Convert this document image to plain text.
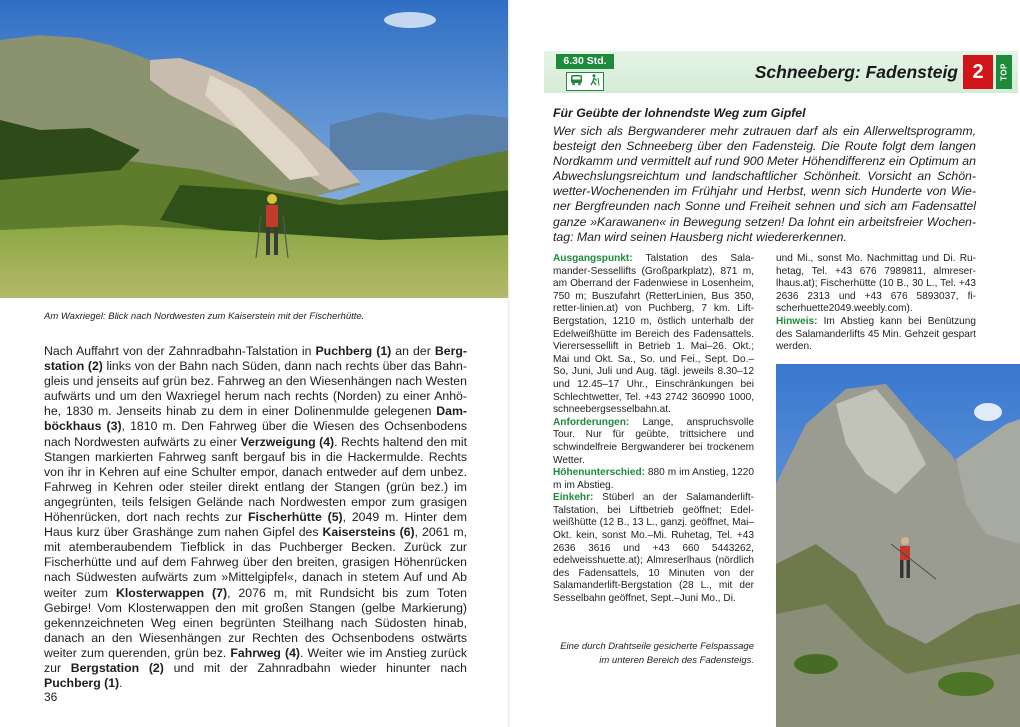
Am Waxriegel: Blick nach Nordwesten zum Kaiserstein mit der Fischerhütte.
Nach Auffahrt von der Zahnradbahn-Talstation in Puchberg (1) an der Bergstation (2) links von der Bahn nach Süden, dann nach rechts über das Bahngleis und jenseits auf grün bez. Fahrweg an den Wiesenhängen nach Westen aufwärts und um den Waxriegel herum nach rechts (Norden) zu einer Anhöhe, 1830 m. Jenseits hinab zu dem in einer Dolinenmulde gelegenen Damböckhaus (3), 1810 m. Den Fahrweg über die Wiesen des Ochsenbodens nach Nordwesten aufwärts zu einer Verzweigung (4). Rechts haltend den mit Stangen markierten Fahrweg sanft bergauf bis in die Hackermulde. Rechts von ihr in Kehren auf eine Schulter empor, danach entweder auf dem unbez. Fahrweg in Kehren oder steiler direkt entlang der Stangen (grün bez.) im angegrünten, teils felsigen Gelände nach Nordwesten empor zum grasigen Höhenrücken, dort nach rechts zur Fischerhütte (5), 2049 m. Hinter dem Haus kurz über Grashänge zum nahen Gipfel des Kaisersteins (6), 2061 m, mit atemberaubendem Tiefblick in das Puchberger Becken. Zurück zur Fischerhütte und auf dem Fahrweg über den breiten, grasigen Höhenrücken nach Südwesten aufwärts zum »Mittelgipfel«, danach in stetem Auf und Ab weiter zum Klosterwappen (7), 2076 m, mit Rundsicht bis zum Toten Gebirge! Vom Klosterwappen den mit großen Stangen (gelbe Markierung) gekennzeichneten Weg einen begrünten Steilhang nach Südosten hinab, danach an den Wiesenhängen zur Rechten des Ochsenbodens ostwärts weiter zum querenden, grün bez. Fahrweg (4). Weiter wie im Anstieg zurück zur Bergstation (2) und mit der Zahnradbahn wieder hinunter nach Puchberg (1).
36
6.30 Std.
Schneeberg: Fadensteig 2	TOP
Für Geübte der lohnendste Weg zum Gipfel
Wer sich als Bergwanderer mehr zutrauen darf als ein Allerweltsprogramm, besteigt den Schneeberg über den Fadensteig. Die Route folgt dem langen Nordkamm und vermittelt auf rund 900 Meter Höhendifferenz ein Optimum an Abwechslungsreichtum und landschaftlicher Schönheit. Vorsicht an Schönwetter-Wochenenden im Frühjahr und Herbst, wenn sich Hunderte von Wiener Bergfreunden nach Sonne und Freiheit sehnen und sich am Fadensattel ganze »Karawanen« in Bewegung setzen! Da lohnt ein arbeitsfreier Wochentag: Man wird seinen Hausberg nicht wiedererkennen.
Ausgangspunkt: Talstation des Salamander-Sessellifts (Großparkplatz), 871 m, am Oberrand der Fadenwiese in Losenheim, 750 m; Buszufahrt (RetterLinien, Bus 350, retter-linien.at) von Puchberg, 7 km. Lift-Bergstation, 1210 m, östlich unterhalb der Edelweißhütte im Bereich des Fadensattels. Vierersessellift in Betrieb 1. Mai–26. Okt.; Mai und Okt. Sa., So. und Fei., Sept. Do.–So, Juni, Juli und Aug. tägl. jeweils 8.30–12 und 12.45–17 Uhr., Einschränkungen bei Schlechtwetter, Tel. +43 2742 360990 1000, schneebergsesselbahn.at.
Anforderungen: Lange, anspruchsvolle Tour. Nur für geübte, trittsichere und schwindelfreie Bergwanderer bei trockenem Wetter.
Höhenunterschied: 880 m im Anstieg, 1220 m im Abstieg.
Einkehr: Stüberl an der Salamanderlift-Talstation, bei Liftbetrieb geöffnet; Edelweißhütte (12 B., 13 L., ganzj. geöffnet, Mai–Okt. kein, sonst Mo.–Mi. Ruhetag, Tel. +43 2636 3616 und +43 660 5443262, edelweisshuette.at); Almreserlhaus (nördlich des Fadensattels, 10 Minuten von der Salamanderlift-Bergstation (28 L., mit der Sesselbahn geöffnet, Sept.–Juni Mo., Di.
und Mi., sonst Mo. Nachmittag und Di. Ruhetag, Tel. +43 676 7989811, almreserlhaus.at); Fischerhütte (10 B., 30 L., Tel. +43 2636 2313 und +43 676 5893037, fischerhuette2049.weebly.com).
Hinweis: Im Abstieg kann bei Benützung des Salamanderlifts 45 Min. Gehzeit gespart werden.
Eine durch Drahtseile gesicherte Felspassage im unteren Bereich des Fadensteigs.
